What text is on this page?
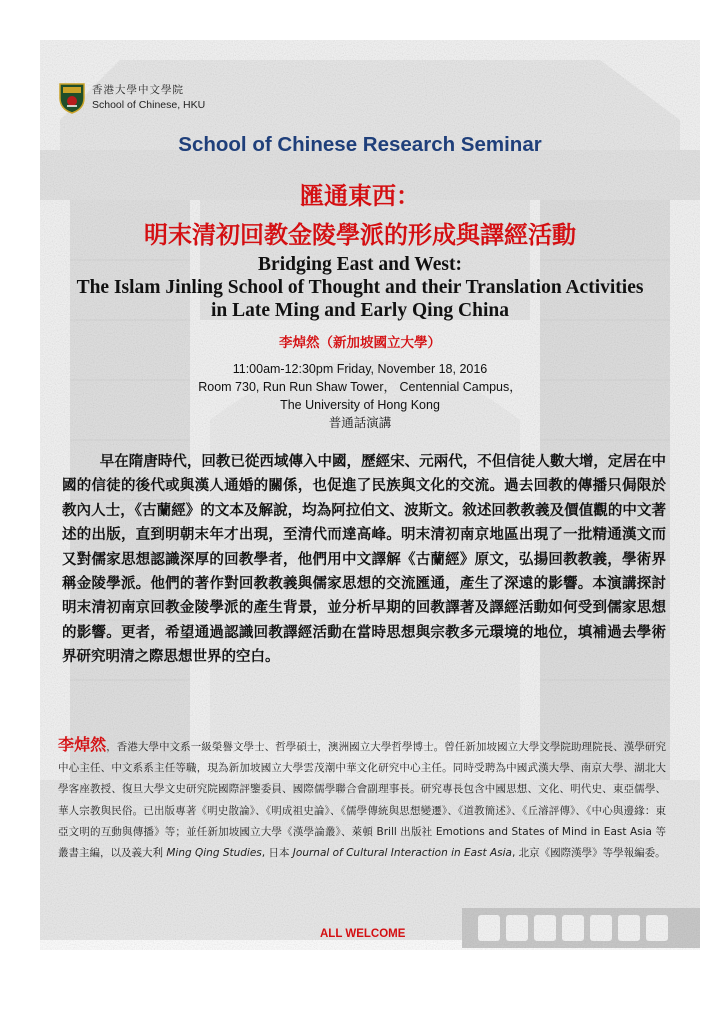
香港大學中文學院
School of Chinese, HKU
School of Chinese Research Seminar
匯通東西：
明末清初回教金陵學派的形成與譯經活動
Bridging East and West:
The Islam Jinling School of Thought and their Translation Activities
in Late Ming and Early Qing China
李焯然（新加坡國立大學）
11:00am-12:30pm Friday, November 18, 2016
Room 730, Run Run Shaw Tower， Centennial Campus，
The University of Hong Kong
普通話演講

早在隋唐時代，回教已從西域傳入中國，歷經宋、元兩代，不但信徒人數大增，定居在中國的信徒的後代或與漢人通婚的關係，也促進了民族與文化的交流。過去回教的傳播只侷限於教內人士，《古蘭經》的文本及解說，均為阿拉伯文、波斯文。敘述回教教義及價值觀的中文著述的出版，直到明朝末年才出現，至清代而達高峰。明末清初南京地區出現了一批精通漢文而又對儒家思想認識深厚的回教學者，他們用中文譯解《古蘭經》原文，弘揚回教教義，學術界稱金陵學派。他們的著作對回教教義與儒家思想的交流匯通，產生了深遠的影響。本演講探討明末清初南京回教金陵學派的產生背景，並分析早期的回教譯著及譯經活動如何受到儒家思想的影響。更者，希望通過認識回教譯經活動在當時思想與宗教多元環境的地位，填補過去學術界研究明清之際思想世界的空白。

李焯然，香港大學中文系一級榮譽文學士、哲學碩士，澳洲國立大學哲學博士。曾任新加坡國立大學文學院助理院長、漢學研究中心主任、中文系系主任等職，現為新加坡國立大學雲茂潮中華文化研究中心主任。同時受聘為中國武漢大學、南京大學、湖北大學客座教授、復旦大學文史研究院國際評鑒委員、國際儒學聯合會副理事長。研究專長包含中國思想、文化、明代史、東亞儒學、華人宗教與民俗。已出版專著《明史散論》、《明成祖史論》、《儒學傳統與思想變遷》、《道教簡述》、《丘濬評傳》、《中心與邊緣：東亞文明的互動與傳播》等；並任新加坡國立大學《漢學論叢》、萊頓 Brill 出版社 Emotions and States of Mind in East Asia 等叢書主編，以及義大利 Ming Qing Studies, 日本 Journal of Cultural Interaction in East Asia, 北京《國際漢學》等學報編委。

ALL WELCOME
